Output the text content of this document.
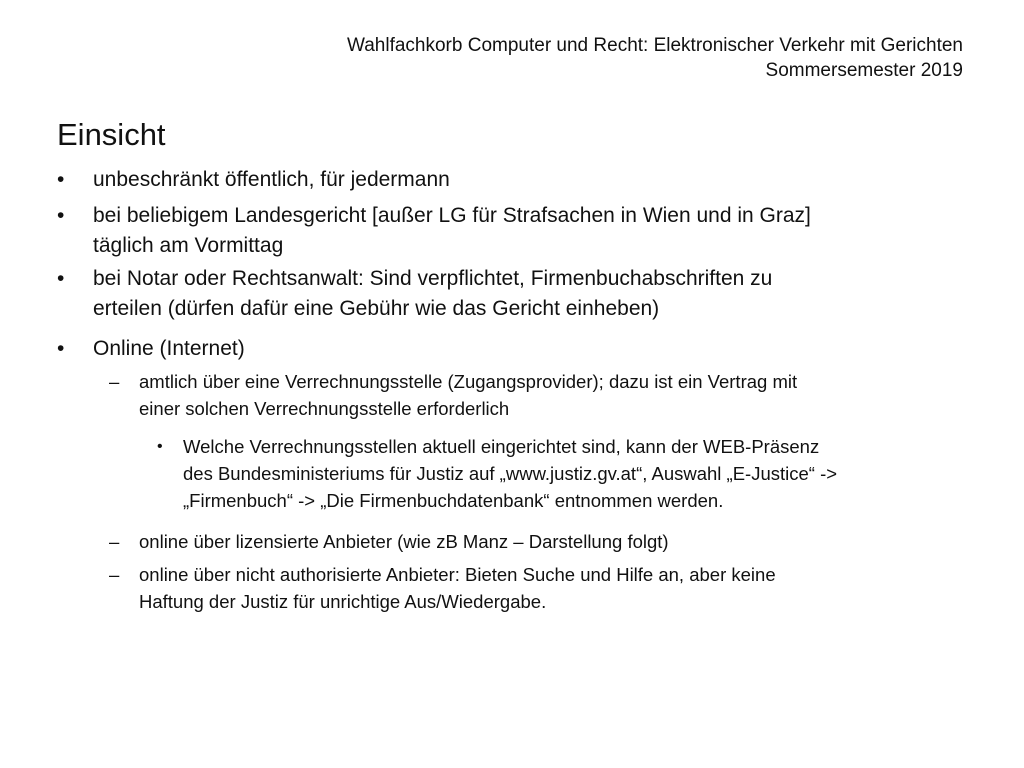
Wahlfachkorb Computer und Recht: Elektronischer Verkehr mit Gerichten
Sommersemester 2019
Einsicht
• unbeschränkt öffentlich, für jedermann
• bei beliebigem Landesgericht [außer LG für Strafsachen in Wien und in Graz]
täglich am Vormittag
• bei Notar oder Rechtsanwalt: Sind verpflichtet, Firmenbuchabschriften zu
erteilen (dürfen dafür eine Gebühr wie das Gericht einheben)
• Online (Internet)
– amtlich über eine Verrechnungsstelle (Zugangsprovider); dazu ist ein Vertrag mit
einer solchen Verrechnungsstelle erforderlich
• Welche Verrechnungsstellen aktuell eingerichtet sind, kann der WEB-Präsenz
des Bundesministeriums für Justiz auf „www.justiz.gv.at“, Auswahl „E-Justice“ ->
„Firmenbuch“ -> „Die Firmenbuchdatenbank“ entnommen werden.
– online über lizensierte Anbieter (wie zB Manz – Darstellung folgt)
– online über nicht authorisierte Anbieter: Bieten Suche und Hilfe an, aber keine
Haftung der Justiz für unrichtige Aus/Wiedergabe.
